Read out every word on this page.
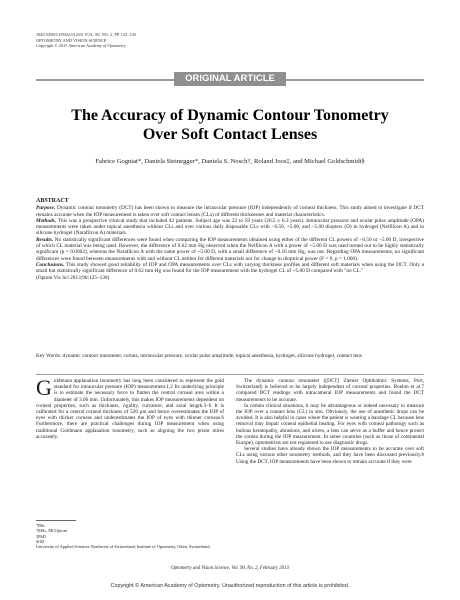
1040-5488/13/9002-0125/0 VOL. 90, NO. 2, PP. 125–130
OPTOMETRY AND VISION SCIENCE
Copyright © 2013 American Academy of Optometry
ORIGINAL ARTICLE
The Accuracy of Dynamic Contour Tonometry
Over Soft Contact Lenses
Fabrice Gogniat*, Daniela Steinegger*, Daniela S. Nosch†, Roland Joos‡, and Michael Goldschmidt§
ABSTRACT

Purpose. Dynamic contour tonometry (DCT) has been shown to measure the intraocular pressure (IOP) independently of corneal thickness. This study aimed to investigate if DCT remains accurate when the IOP measurement is taken over soft contact lenses (CLs) of different thicknesses and material characteristics.

Methods. This was a prospective clinical study that included 42 patients. Subject age was 22 to 59 years (26.5 ± 6.3 years). Intraocular pressure and ocular pulse amplitude (OPA) measurements were taken under topical anesthesia without CLs and over various daily disposable CLs with −0.50, +5.00, and −5.00 diopters (D) in hydrogel (Nelfilcon A) and in silicone hydrogel (Narafilcon A) materials.

Results. No statistically significant differences were found when comparing the IOP measurements obtained using either of the different CL powers of −0.50 or −5.00 D, irrespective of which CL material was being used. However, the difference of 0.62 mm Hg observed when the Nelfilcon A with a power of +5.00 D was used turned out to be highly statistically significant (p = 0.0002), whereas the Narafilcon A with the same power of +5.00 D, with a small difference of −0.16 mm Hg, was not. Regarding OPA measurements, no significant differences were found between measurements with and without CL neither for different materials nor for change in dioptrical power (F = 0, p = 1.000).

Conclusions. This study showed good reliability of IOP and OPA measurements over CLs with varying thickness profiles and different soft materials when using the DCT. Only a small but statistically significant difference of 0.62 mm Hg was found for the IOP measurement with the hydrogel CL of +5.00 D compared with "no CL."

(Optom Vis Sci 2013;90:125–130)

Key Words: dynamic contour tonometer, cornea, intraocular pressure, ocular pulse amplitude, topical anesthesia, hydrogel, silicone hydrogel, contact lens

Goldmann applanation tonometry has long been considered to represent the gold standard for intraocular pressure (IOP) measurement.1,2 Its underlying principle is to estimate the necessary force to flatten the central corneal area within a diameter of 3.06 mm. Unfortunately, this makes IOP measurements dependent on corneal properties, such as thickness, rigidity, curvature, and axial length.3–6 It is calibrated for a central corneal thickness of 520 μm and hence overestimates the IOP of eyes with thicker corneas and underestimates the IOP of eyes with thinner corneas.6 Furthermore, there are practical challenges during IOP measurement when using traditional Goldmann applanation tonometry, such as aligning the two prism mires accurately.

*BSc
†MSc, MCOptom
‡PhD
§OD
University of Applied Sciences Northwest of Switzerland, Institute of Optometry, Olten, Switzerland.

The dynamic contour tonometer ([DCT] Ziemer Ophthalmic Systems, Port, Switzerland) is believed to be largely independent of corneal properties. Boehm et al.7 compared DCT readings with intracameral IOP measurements and found the DCT measurements to be accurate.

In certain clinical situations, it may be advantageous or indeed necessary to measure the IOP over a contact lens (CL) in situ. Obviously, the use of anesthetic drops can be avoided. It is also helpful in cases where the patient is wearing a bandage CL because lens removal may impair corneal epithelial healing. For eyes with corneal pathology such as bullous keratopathy, abrasions, and ulcers, a lens can serve as a buffer and hence protect the cornea during the IOP measurement. In some countries (such as those of continental Europe), optometrists are not registered to use diagnostic drugs.

Several studies have already shown the IOP measurements to be accurate over soft CLs using various other tonometry methods, and they have been discussed previously.8 Using the DCT, IOP measurements have been shown to remain accurate if they were

Optometry and Vision Science, Vol. 90, No. 2, February 2013
Copyright © American Academy of Optometry. Unauthorized reproduction of this article is prohibited.
